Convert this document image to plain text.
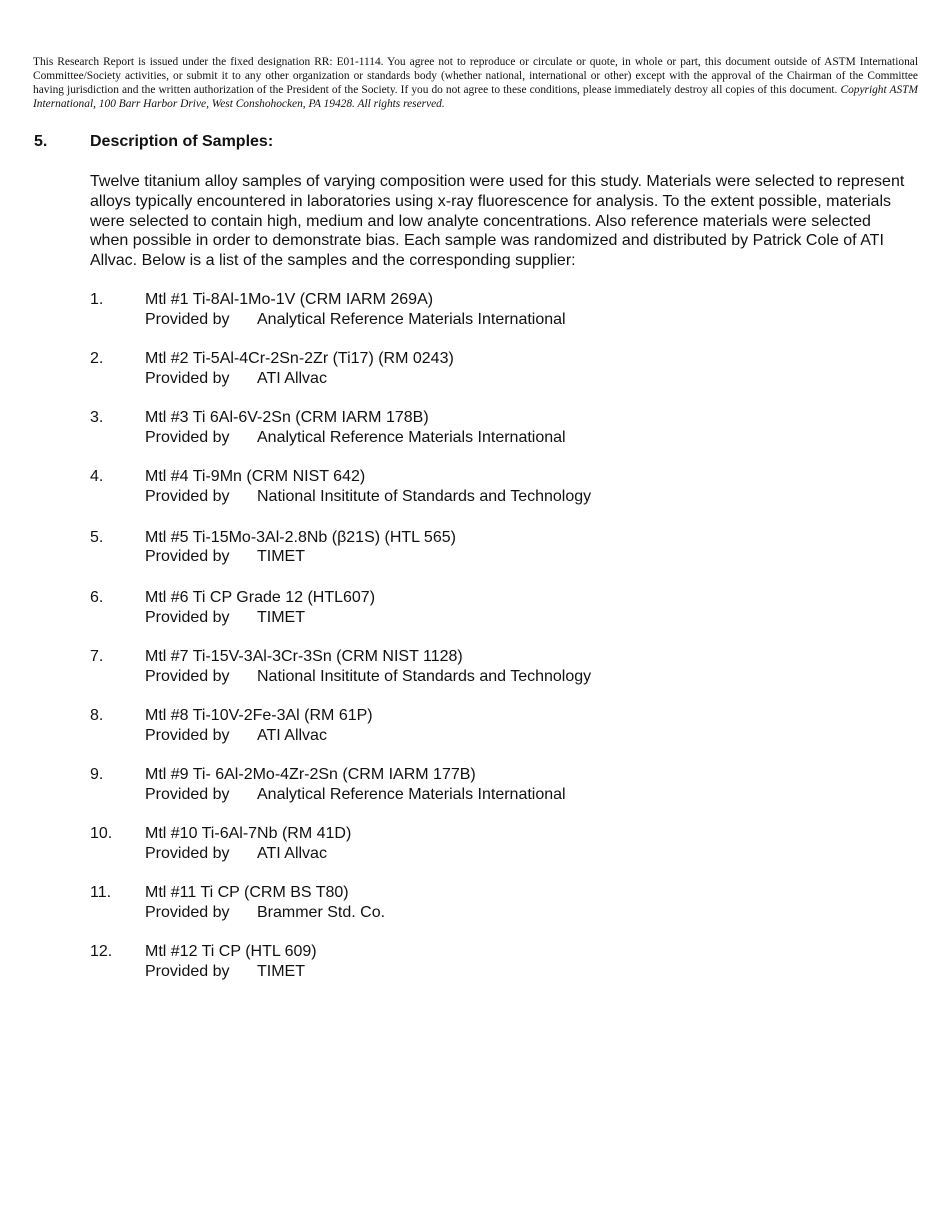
This Research Report is issued under the fixed designation RR: E01-1114. You agree not to reproduce or circulate or quote, in whole or part, this document outside of ASTM International Committee/Society activities, or submit it to any other organization or standards body (whether national, international or other) except with the approval of the Chairman of the Committee having jurisdiction and the written authorization of the President of the Society. If you do not agree to these conditions, please immediately destroy all copies of this document. Copyright ASTM International, 100 Barr Harbor Drive, West Conshohocken, PA 19428. All rights reserved.
5.	Description of Samples:
Twelve titanium alloy samples of varying composition were used for this study. Materials were selected to represent alloys typically encountered in laboratories using x-ray fluorescence for analysis. To the extent possible, materials were selected to contain high, medium and low analyte concentrations. Also reference materials were selected when possible in order to demonstrate bias. Each sample was randomized and distributed by Patrick Cole of ATI Allvac. Below is a list of the samples and the corresponding supplier:
1.	Mtl #1 Ti-8Al-1Mo-1V (CRM IARM 269A)
Provided by Analytical Reference Materials International
2.	Mtl #2 Ti-5Al-4Cr-2Sn-2Zr (Ti17) (RM 0243)
Provided by ATI Allvac
3.	Mtl #3 Ti 6Al-6V-2Sn (CRM IARM 178B)
Provided by Analytical Reference Materials International
4.	Mtl #4 Ti-9Mn (CRM NIST 642)
Provided by National Insititute of Standards and Technology
5.	Mtl #5 Ti-15Mo-3Al-2.8Nb (β21S) (HTL 565)
Provided by TIMET
6.	Mtl #6 Ti CP Grade 12 (HTL607)
Provided by TIMET
7.	Mtl #7 Ti-15V-3Al-3Cr-3Sn (CRM NIST 1128)
Provided by National Insititute of Standards and Technology
8.	Mtl #8 Ti-10V-2Fe-3Al (RM 61P)
Provided by ATI Allvac
9.	Mtl #9 Ti- 6Al-2Mo-4Zr-2Sn (CRM IARM 177B)
Provided by Analytical Reference Materials International
10. Mtl #10 Ti-6Al-7Nb (RM 41D)
Provided by ATI Allvac
11. Mtl #11 Ti CP (CRM BS T80)
Provided by Brammer Std. Co.
12. Mtl #12 Ti CP (HTL 609)
Provided by TIMET
